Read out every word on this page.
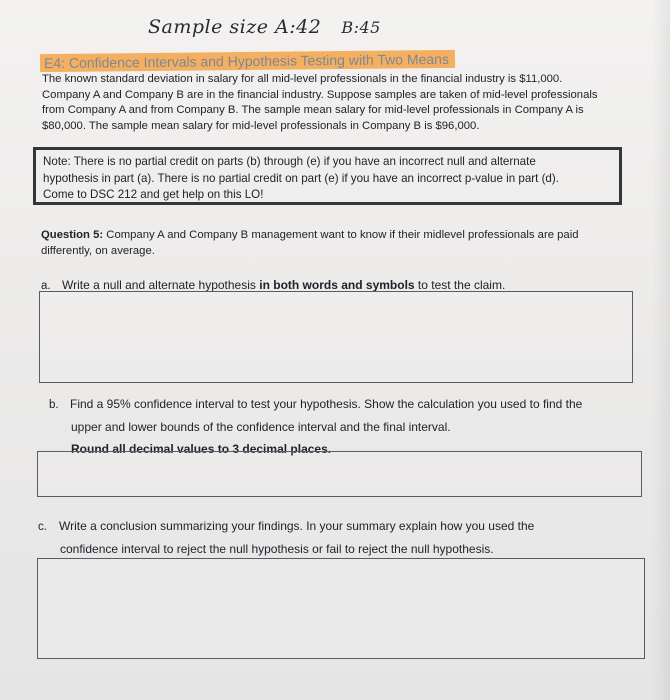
Sample size A:42 B:45
E4: Confidence Intervals and Hypothesis Testing with Two Means
The known standard deviation in salary for all mid-level professionals in the financial industry is $11,000.
Company A and Company B are in the financial industry. Suppose samples are taken of mid-level professionals
from Company A and from Company B. The sample mean salary for mid-level professionals in Company A is
$80,000. The sample mean salary for mid-level professionals in Company B is $96,000.
Note: There is no partial credit on parts (b) through (e) if you have an incorrect null and alternate
hypothesis in part (a). There is no partial credit on part (e) if you have an incorrect p-value in part (d).
Come to DSC 212 and get help on this LO!
Question 5: Company A and Company B management want to know if their midlevel professionals are paid
differently, on average.
a. Write a null and alternate hypothesis in both words and symbols to test the claim.
b. Find a 95% confidence interval to test your hypothesis. Show the calculation you used to find the
upper and lower bounds of the confidence interval and the final interval.
Round all decimal values to 3 decimal places.
c. Write a conclusion summarizing your findings. In your summary explain how you used the
confidence interval to reject the null hypothesis or fail to reject the null hypothesis.
